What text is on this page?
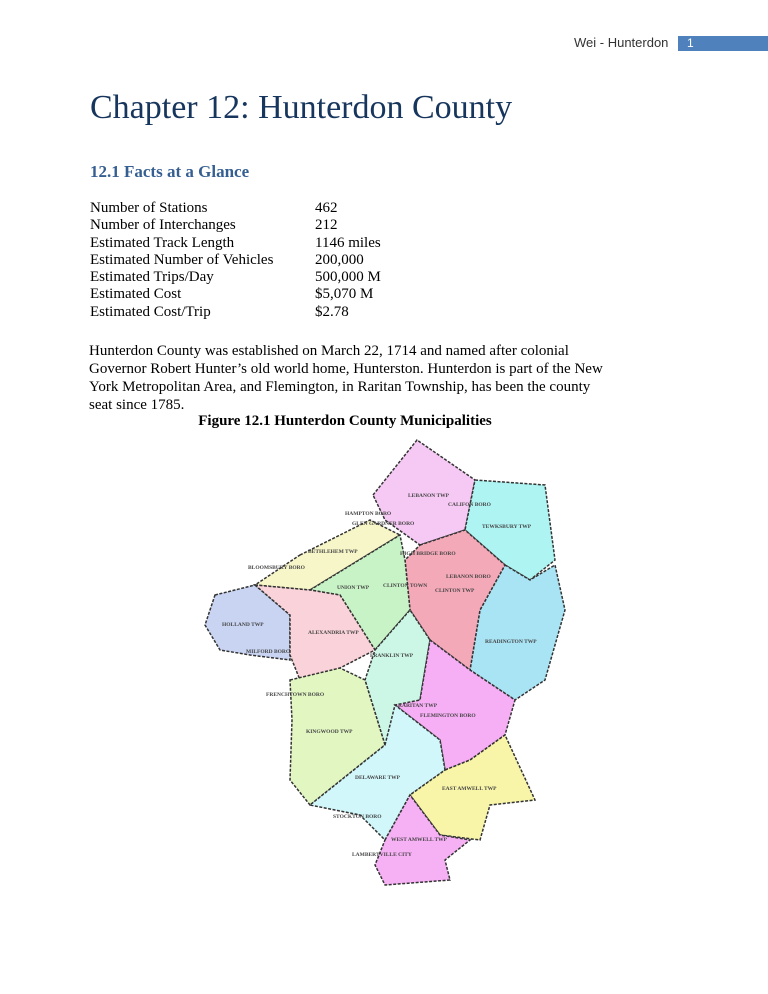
Wei - Hunterdon	1
Chapter 12: Hunterdon County
12.1 Facts at a Glance
Number of Stations	462
Number of Interchanges	212
Estimated Track Length	1146 miles
Estimated Number of Vehicles	200,000
Estimated Trips/Day	500,000 M
Estimated Cost	$5,070 M
Estimated Cost/Trip	$2.78
Hunterdon County was established on March 22, 1714 and named after colonial Governor Robert Hunter’s old world home, Hunterston. Hunterdon is part of the New York Metropolitan Area, and Flemington, in Raritan Township, has been the county seat since 1785.
Figure 12.1 Hunterdon County Municipalities
LEBANON TWP
CALIFON BORO
HAMPTON BORO
GLEN GARDNER BORO	TEWKSBURY TWP
BETHLEHEM TWP	HIGH BRIDGE BORO
BLOOMSBURY BORO
LEBANON BORO
UNION TWP	CLINTON TOWN
CLINTON TWP
HOLLAND TWP
ALEXANDRIA TWP
READINGTON TWP
MILFORD BORO
FRANKLIN TWP
FRENCHTOWN BORO
RARITAN TWP
FLEMINGTON BORO
KINGWOOD TWP
DELAWARE TWP
EAST AMWELL TWP
STOCKTON BORO
WEST AMWELL TWP
LAMBERTVILLE CITY
